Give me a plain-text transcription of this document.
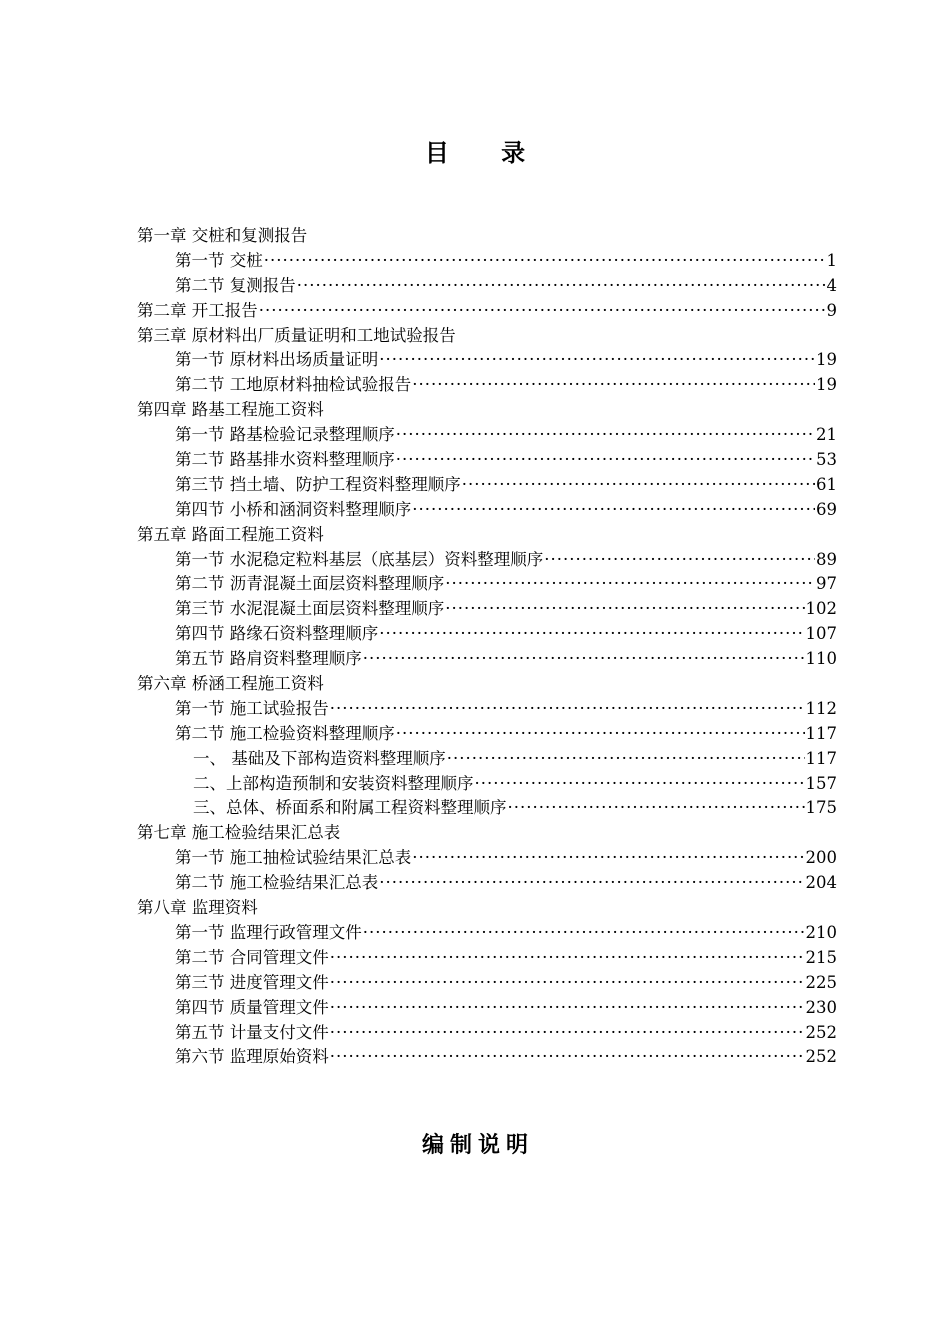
目 录
第一章 交桩和复测报告
第一节 交桩 ·····	1
第二节 复测报告 ·····	4
第二章 开工报告 ·····	9
第三章 原材料出厂质量证明和工地试验报告
第一节 原材料出场质量证明 ·····	19
第二节 工地原材料抽检试验报告 ·····	19
第四章 路基工程施工资料
第一节 路基检验记录整理顺序 ·····	21
第二节 路基排水资料整理顺序 ·····	53
第三节 挡土墙、防护工程资料整理顺序 ·····	61
第四节 小桥和涵洞资料整理顺序 ·····	69
第五章 路面工程施工资料
第一节 水泥稳定粒料基层（底基层）资料整理顺序 ·····	89
第二节 沥青混凝土面层资料整理顺序 ·····	97
第三节 水泥混凝土面层资料整理顺序 ·····	102
第四节 路缘石资料整理顺序 ·····	107
第五节 路肩资料整理顺序 ·····	110
第六章 桥涵工程施工资料
第一节 施工试验报告 ·····	112
第二节 施工检验资料整理顺序 ·····	117
一、 基础及下部构造资料整理顺序 ·····	117
二、上部构造预制和安装资料整理顺序 ·····	157
三、总体、桥面系和附属工程资料整理顺序 ·····	175
第七章 施工检验结果汇总表
第一节 施工抽检试验结果汇总表 ·····	200
第二节 施工检验结果汇总表 ·····	204
第八章 监理资料
第一节 监理行政管理文件 ·····	210
第二节 合同管理文件 ·····	215
第三节 进度管理文件 ·····	225
第四节 质量管理文件 ·····	230
第五节 计量支付文件 ·····	252
第六节 监理原始资料 ·····	252
编制说明
